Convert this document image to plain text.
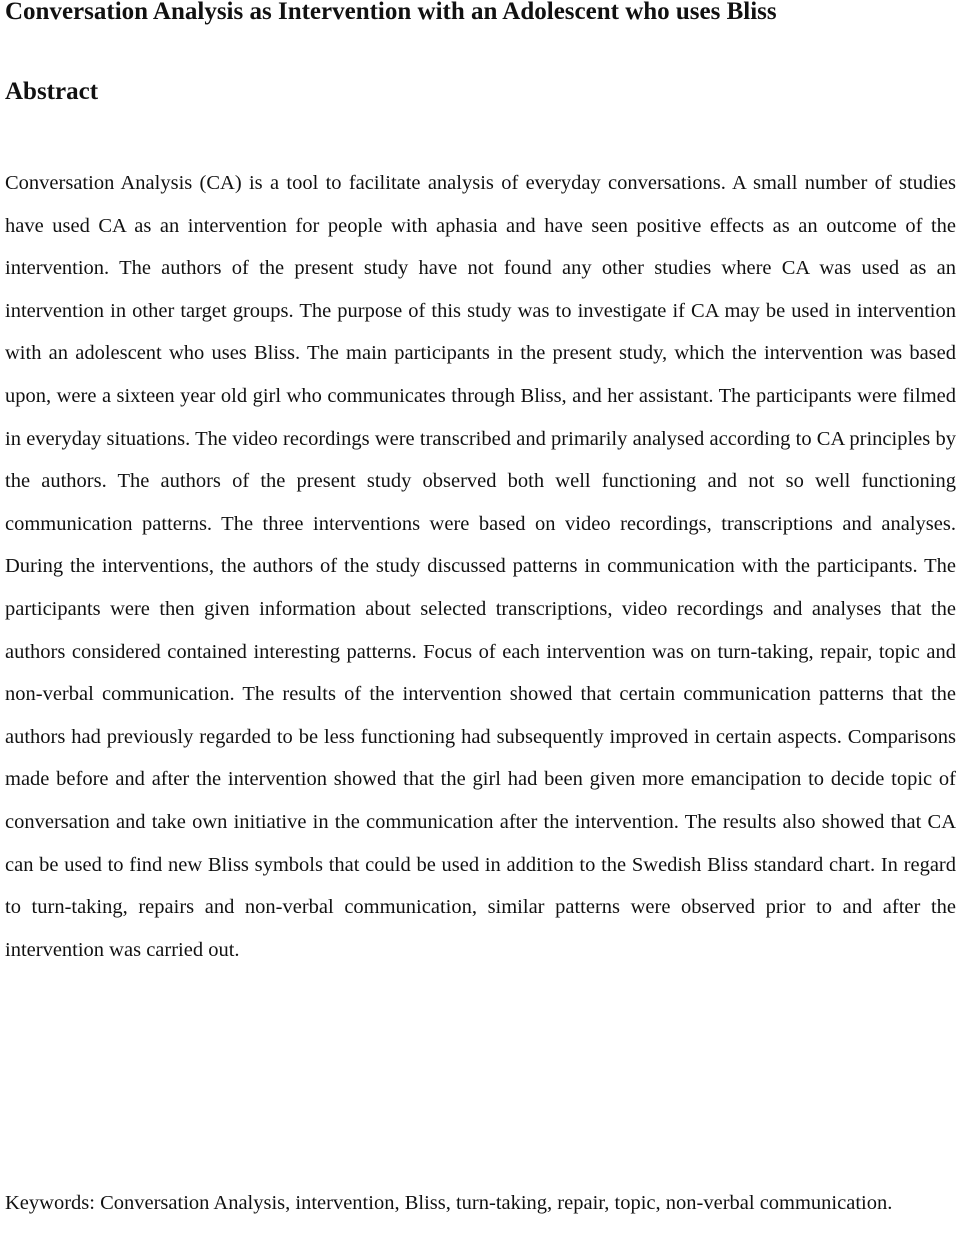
Conversation Analysis as Intervention with an Adolescent who uses Bliss
Abstract

Conversation Analysis (CA) is a tool to facilitate analysis of everyday conversations. A small number of studies have used CA as an intervention for people with aphasia and have seen positive effects as an outcome of the intervention. The authors of the present study have not found any other studies where CA was used as an intervention in other target groups. The purpose of this study was to investigate if CA may be used in intervention with an adolescent who uses Bliss. The main participants in the present study, which the intervention was based upon, were a sixteen year old girl who communicates through Bliss, and her assistant. The participants were filmed in everyday situations. The video recordings were transcribed and primarily analysed according to CA principles by the authors. The authors of the present study observed both well functioning and not so well functioning communication patterns. The three interventions were based on video recordings, transcriptions and analyses. During the interventions, the authors of the study discussed patterns in communication with the participants. The participants were then given information about selected transcriptions, video recordings and analyses that the authors considered contained interesting patterns. Focus of each intervention was on turn-taking, repair, topic and non-verbal communication. The results of the intervention showed that certain communication patterns that the authors had previously regarded to be less functioning had subsequently improved in certain aspects. Comparisons made before and after the intervention showed that the girl had been given more emancipation to decide topic of conversation and take own initiative in the communication after the intervention. The results also showed that CA can be used to find new Bliss symbols that could be used in addition to the Swedish Bliss standard chart. In regard to turn-taking, repairs and non-verbal communication, similar patterns were observed prior to and after the intervention was carried out.

Keywords: Conversation Analysis, intervention, Bliss, turn-taking, repair, topic, non-verbal communication.
